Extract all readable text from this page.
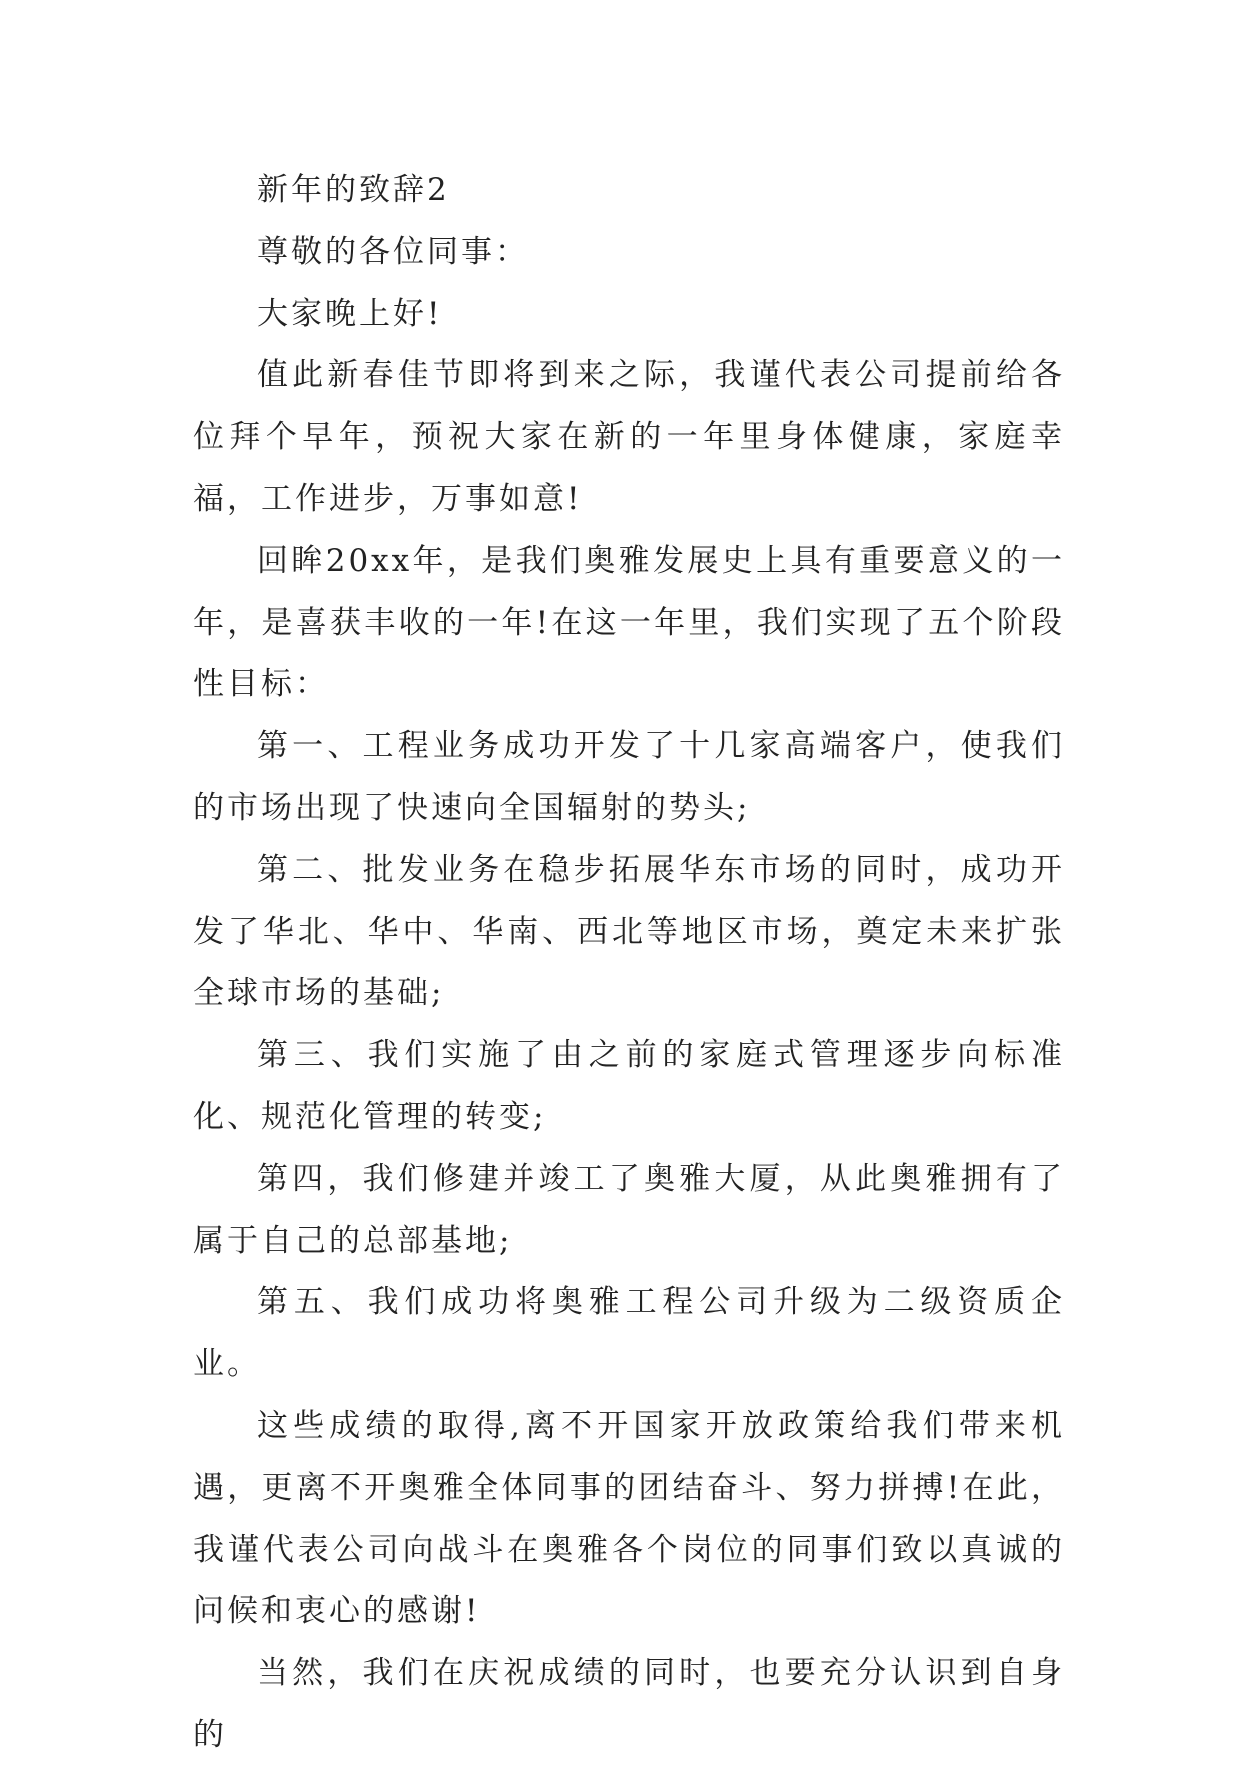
新年的致辞2

尊敬的各位同事：

大家晚上好!

值此新春佳节即将到来之际，我谨代表公司提前给各位拜个早年，预祝大家在新的一年里身体健康，家庭幸福，工作进步，万事如意!

回眸20xx年，是我们奥雅发展史上具有重要意义的一年，是喜获丰收的一年!在这一年里，我们实现了五个阶段性目标：

第一、工程业务成功开发了十几家高端客户，使我们的市场出现了快速向全国辐射的势头;

第二、批发业务在稳步拓展华东市场的同时，成功开发了华北、华中、华南、西北等地区市场，奠定未来扩张全球市场的基础;

第三、我们实施了由之前的家庭式管理逐步向标准化、规范化管理的转变;

第四，我们修建并竣工了奥雅大厦，从此奥雅拥有了属于自己的总部基地;

第五、我们成功将奥雅工程公司升级为二级资质企业。

这些成绩的取得,离不开国家开放政策给我们带来机遇，更离不开奥雅全体同事的团结奋斗、努力拼搏!在此，我谨代表公司向战斗在奥雅各个岗位的同事们致以真诚的问候和衷心的感谢!

当然，我们在庆祝成绩的同时，也要充分认识到自身的
